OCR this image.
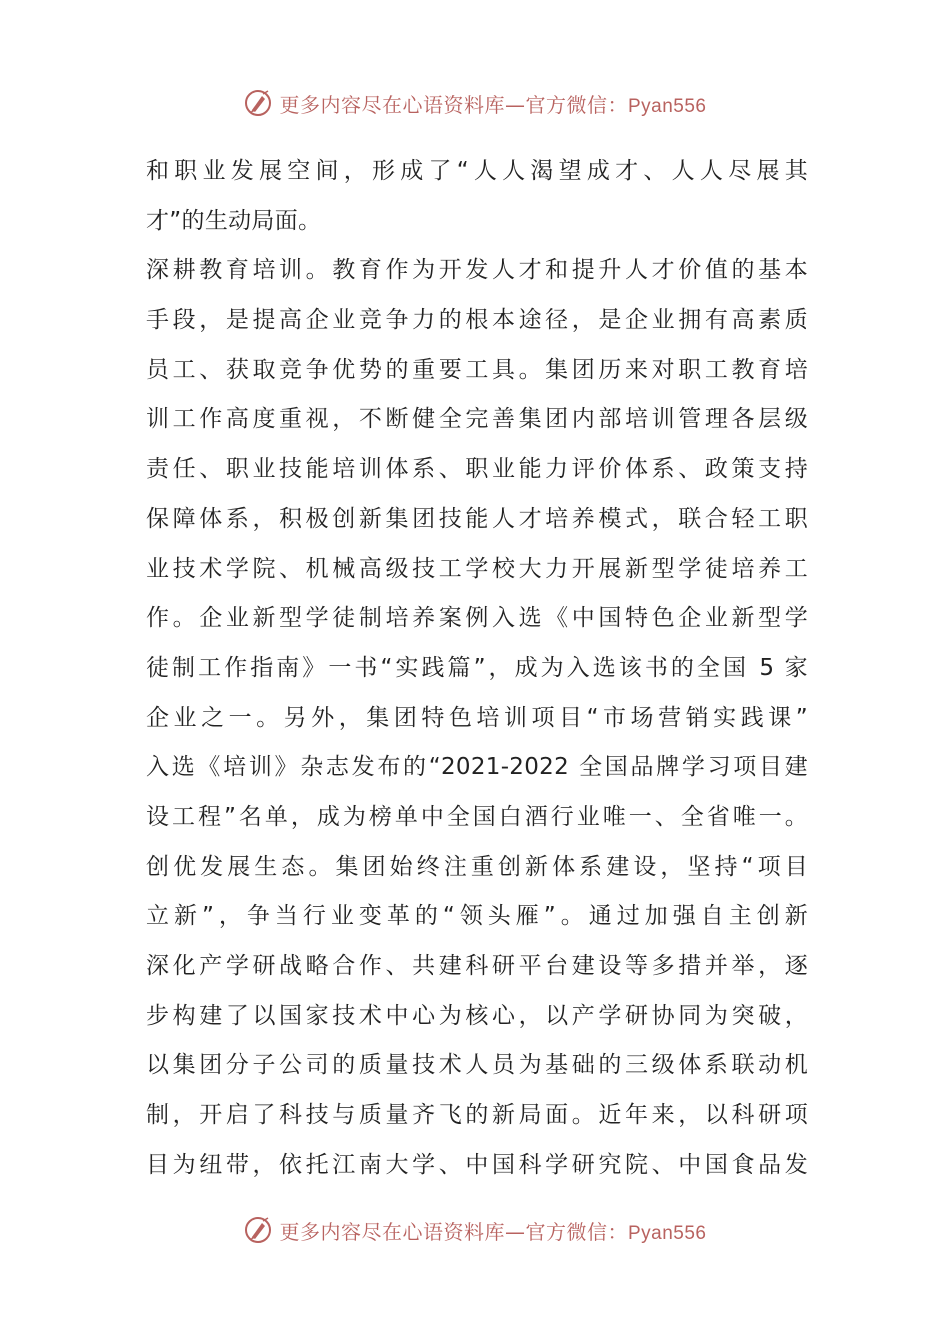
更多内容尽在心语资料库—官方微信：Pyan556
和职业发展空间，形成了“人人渴望成才、人人尽展其
才”的生动局面。
深耕教育培训。教育作为开发人才和提升人才价值的基本
手段，是提高企业竞争力的根本途径，是企业拥有高素质
员工、获取竞争优势的重要工具。集团历来对职工教育培
训工作高度重视，不断健全完善集团内部培训管理各层级
责任、职业技能培训体系、职业能力评价体系、政策支持
保障体系，积极创新集团技能人才培养模式，联合轻工职
业技术学院、机械高级技工学校大力开展新型学徒培养工
作。企业新型学徒制培养案例入选《中国特色企业新型学
徒制工作指南》一书“实践篇”，成为入选该书的全国 5 家
企业之一。另外，集团特色培训项目“市场营销实践课”
入选《培训》杂志发布的“2021-2022 全国品牌学习项目建
设工程”名单，成为榜单中全国白酒行业唯一、全省唯一。
创优发展生态。集团始终注重创新体系建设，坚持“项目
立新”，争当行业变革的“领头雁”。通过加强自主创新
深化产学研战略合作、共建科研平台建设等多措并举，逐
步构建了以国家技术中心为核心，以产学研协同为突破，
以集团分子公司的质量技术人员为基础的三级体系联动机
制，开启了科技与质量齐飞的新局面。近年来，以科研项
目为纽带，依托江南大学、中国科学研究院、中国食品发
更多内容尽在心语资料库—官方微信：Pyan556
